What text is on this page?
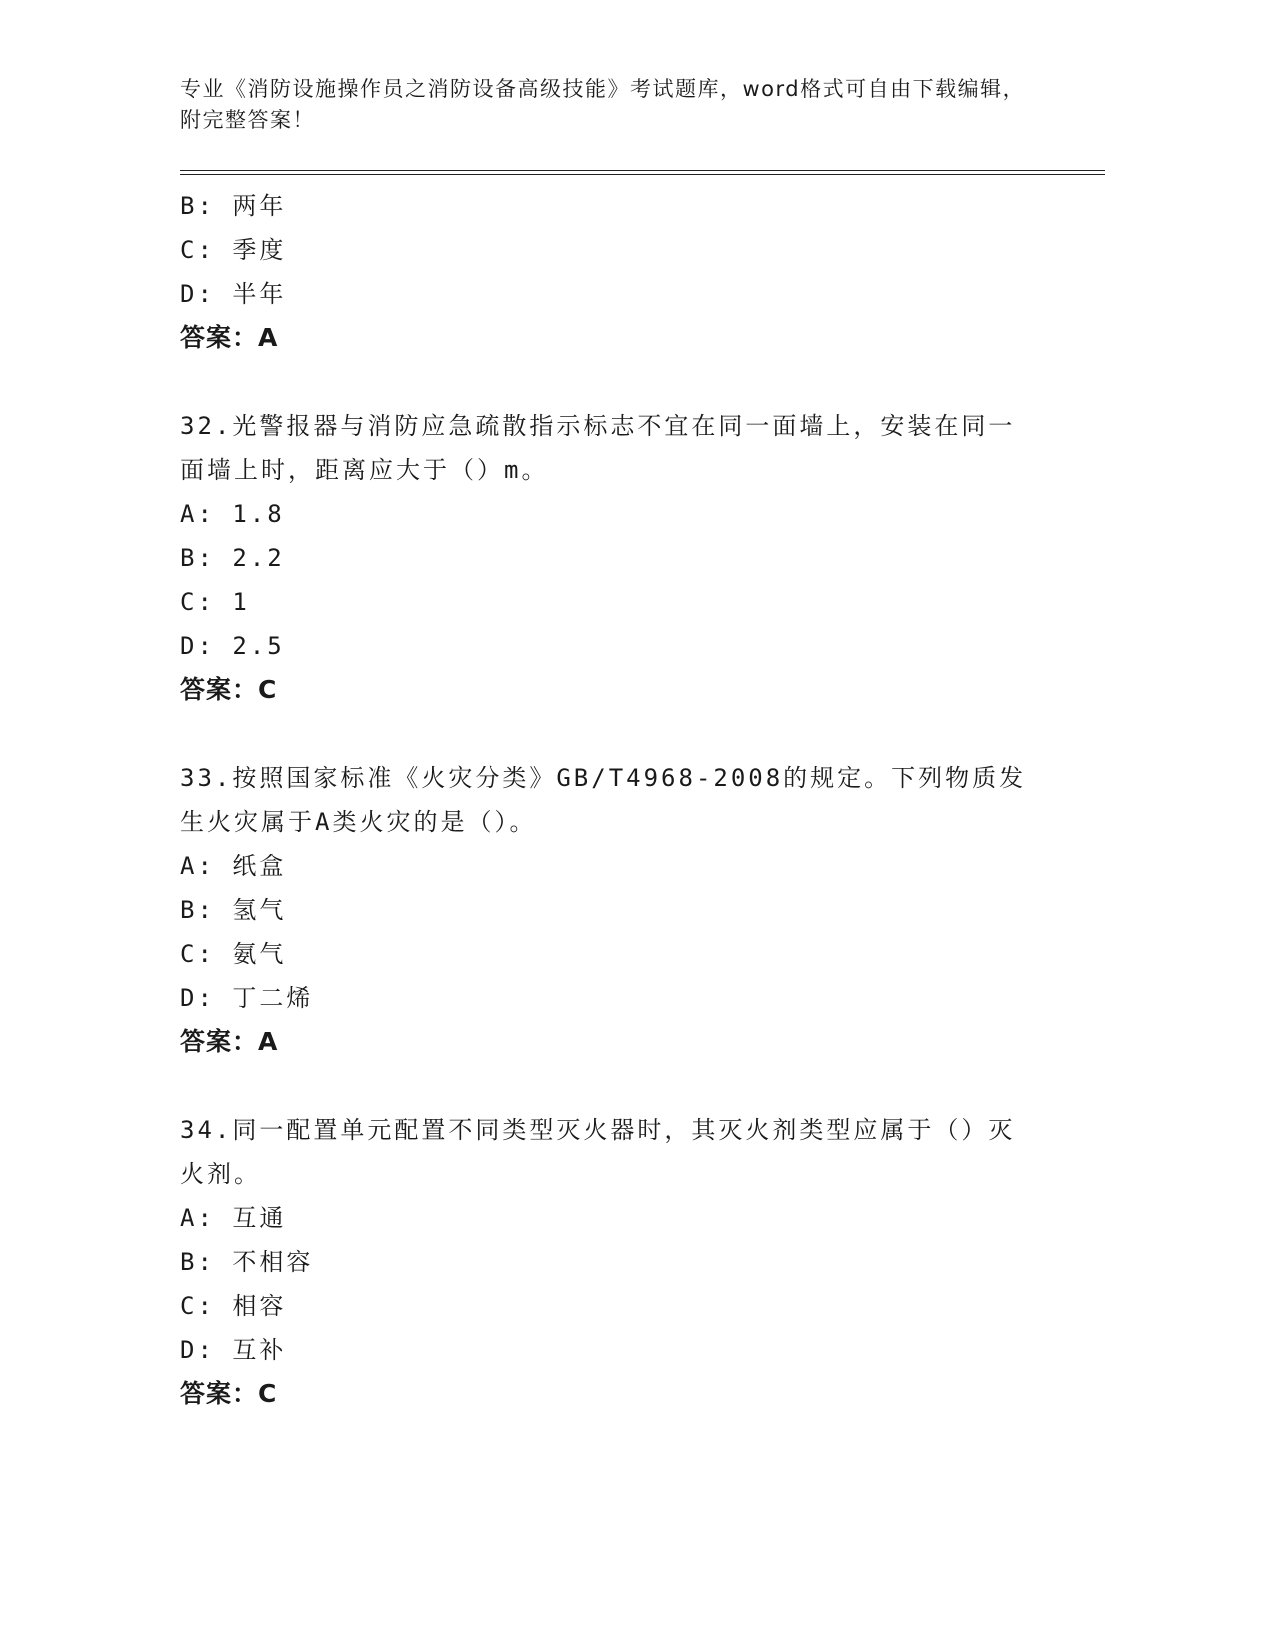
专业《消防设施操作员之消防设备高级技能》考试题库，word格式可自由下载编辑，附完整答案！
B: 两年
C: 季度
D: 半年
答案：A
32.光警报器与消防应急疏散指示标志不宜在同一面墙上，安装在同一面墙上时，距离应大于（）m。
A: 1.8
B: 2.2
C: 1
D: 2.5
答案：C
33.按照国家标准《火灾分类》GB/T4968-2008的规定。下列物质发生火灾属于A类火灾的是（）。
A: 纸盒
B: 氢气
C: 氨气
D: 丁二烯
答案：A
34.同一配置单元配置不同类型灭火器时，其灭火剂类型应属于（）灭火剂。
A: 互通
B: 不相容
C: 相容
D: 互补
答案：C
